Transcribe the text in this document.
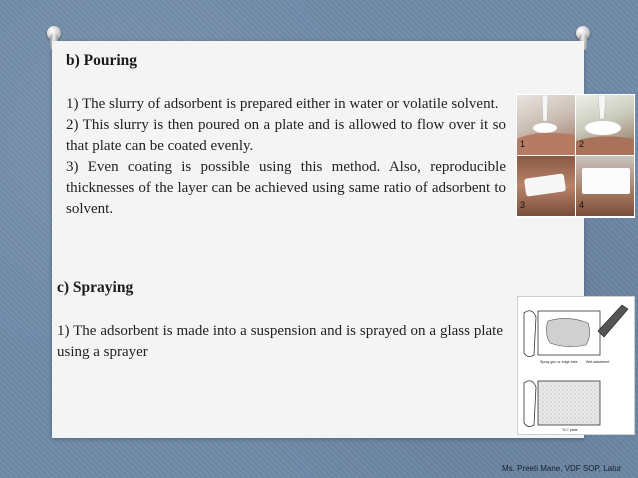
b) Pouring

1) The slurry of adsorbent is prepared either in water or volatile solvent.

2) This slurry is then poured on a plate and is allowed to flow over it so that plate can be coated evenly.

3) Even coating is possible using this method. Also, reproducible thicknesses of the layer can be achieved using same ratio of adsorbent to solvent.

1	2
3	4
c) Spraying

1) The adsorbent is made into a suspension and is sprayed on a glass plate using a sprayer

Spray gun or edge tube Wet adsorbent
TLC plate
Ms. Preeti Mane, VDF SOP, Latur
